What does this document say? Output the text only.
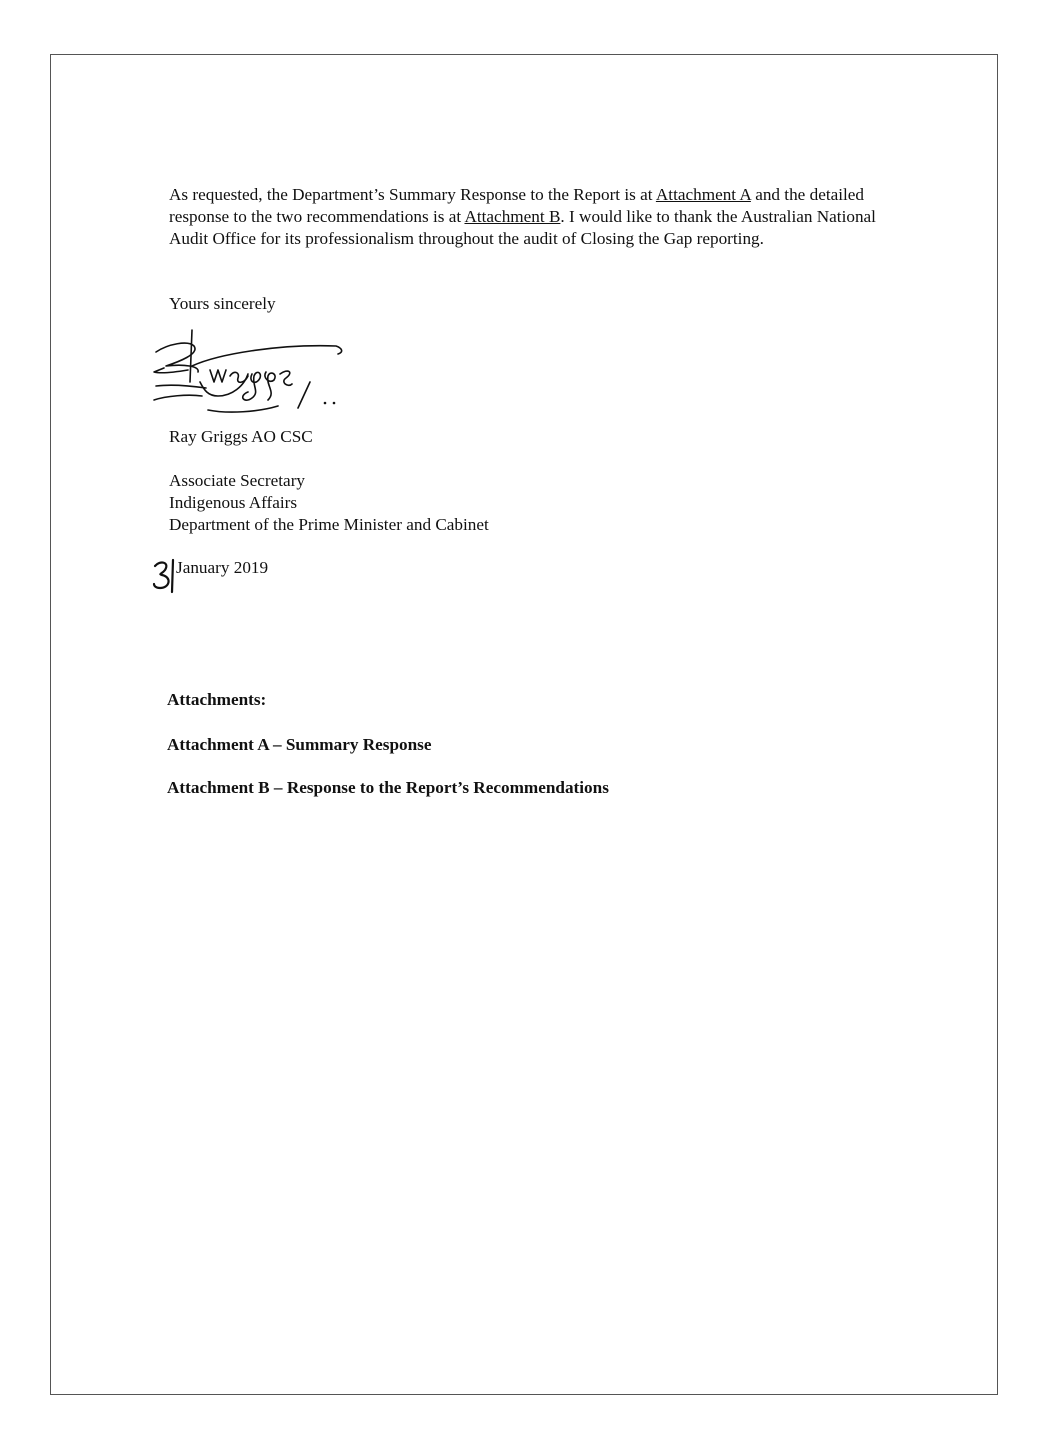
As requested, the Department’s Summary Response to the Report is at Attachment A and the detailed response to the two recommendations is at Attachment B. I would like to thank the Australian National Audit Office for its professionalism throughout the audit of Closing the Gap reporting.

Yours sincerely
Ray Griggs AO CSC
Associate Secretary
Indigenous Affairs
Department of the Prime Minister and Cabinet
January 2019
Attachments:
Attachment A – Summary Response
Attachment B – Response to the Report’s Recommendations
